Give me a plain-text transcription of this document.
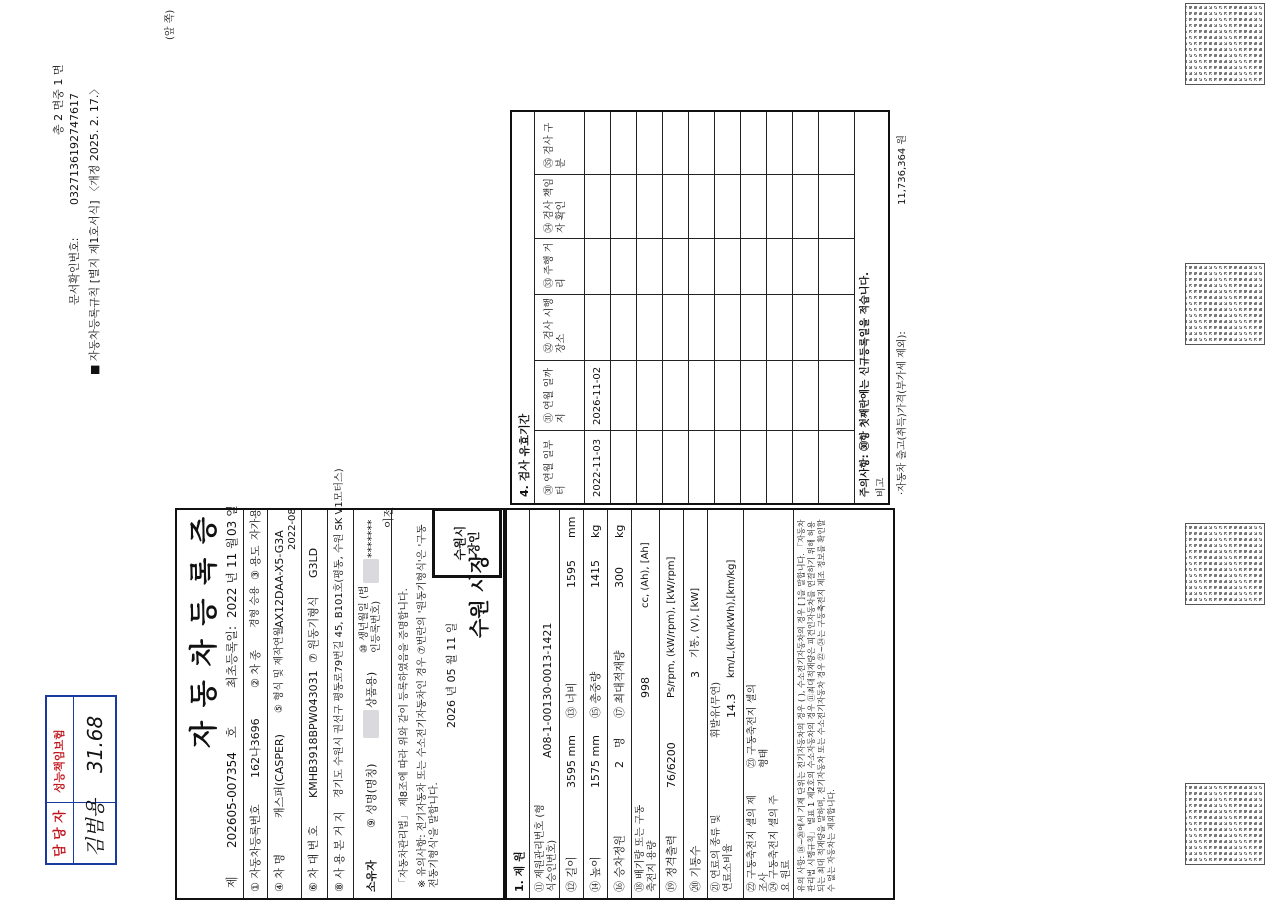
총 2 면중 1 면
문서확인번호:
0327136192747617 ■ 자동차등록규칙 [별지 제1호서식] 〈개정 2025. 2. 17.〉
(앞 쪽)
담 당 자
성능책임보험
김범용
31.68	자 동 차 등 록 증
제
202605-007354
호
최초등록일:
2022 년
11 월
03 일
① 자동차등록번호
162나3696
② 차 종
경형 승용
③ 용도
자가용
④ 차 명
캐스퍼(CASPER)
⑤ 형식 및 제작연월
AX12DAA-X5-G3A
2022-08
⑥ 차 대 번 호
KMHB3918BPW043031
⑦ 원동기형식
G3LD
⑧ 사 용 본 거 지
경기도 수원시 권선구 평동로79번길 45, B101호(평동, 수원 SK V1모터스)
소유자
⑨ 성명(명칭)
상품용)
⑩ 생년월일 (법인등록번호)
*******
이전
「자동차관리법」 제8조에 따라 위와 같이 등록하였음을 증명합니다. ※ 유의사항: 전기자동차 또는 수소전기자동차인 경우 ⑦번란의 '원동기형식'은 '구동전동기형식'을 말합니다.
2026 년 05 월 11 일
수원 시장
수원시장인
1. 제 원 ⑪ 제원관리번호 (형식승인번호)
A08-1-00130-0013-1421
⑫ 길이
3595 mm
⑬ 너비
1595
mm
⑭ 높이
1575 mm
⑮ 총중량
1415
kg
⑯ 승차정원
2
명
⑰ 최대적재량
300
kg
⑱ 배기량 또는 구동축전지 용량
998
cc, (Ah), [Ah]
⑲ 정격출력
76/6200
Ps/rpm, (kW/rpm), [kW/rpm]
⑳ 기통수
3
기통, (V), [kW]
㉑ 연료의 종류 및 연료소비율
휘발유(무연) 14.3
km/L,(km/kWh),[km/kg]
㉒ 구동축전지 셀의 제조사
㉓ 구동축전지 셀의 형태
㉔ 구동축전지 셀의 주요 원료 유의 사항: ⑱~⑳에서 기재 단위는 전기자동차의 경우 ( ), 수소전기자동차의 경우 [ ]을 말합니다. 「자동차관리법 시행규칙」 별표 1 제2호의 수소자동차의 경우 ⑪최대적재량은 피견인자동차를 연결하기 위해 허용되는 최대 적재량을 말하며, 전기자동차 또는 수소전기자동차 경우 ㉒~㉔는 구동축전지 제조 정보를 확인할 수 없는 자동차는 제외합니다.
4. 검사 유효기간 ㉚ 연월 일부터
㉛ 연월 일까지
㉜ 검사 시행장소
㉝ 주행 거리
㉞ 검사 책임자 확인
㉟ 검사 구분
2022-11-03
2026-11-02	주의사항: ㉚항 첫째란에는 신규등록일을 적습니다. 비고 ·자동차 출고(취득)가격(부가세 제외):
11,736,364 원
